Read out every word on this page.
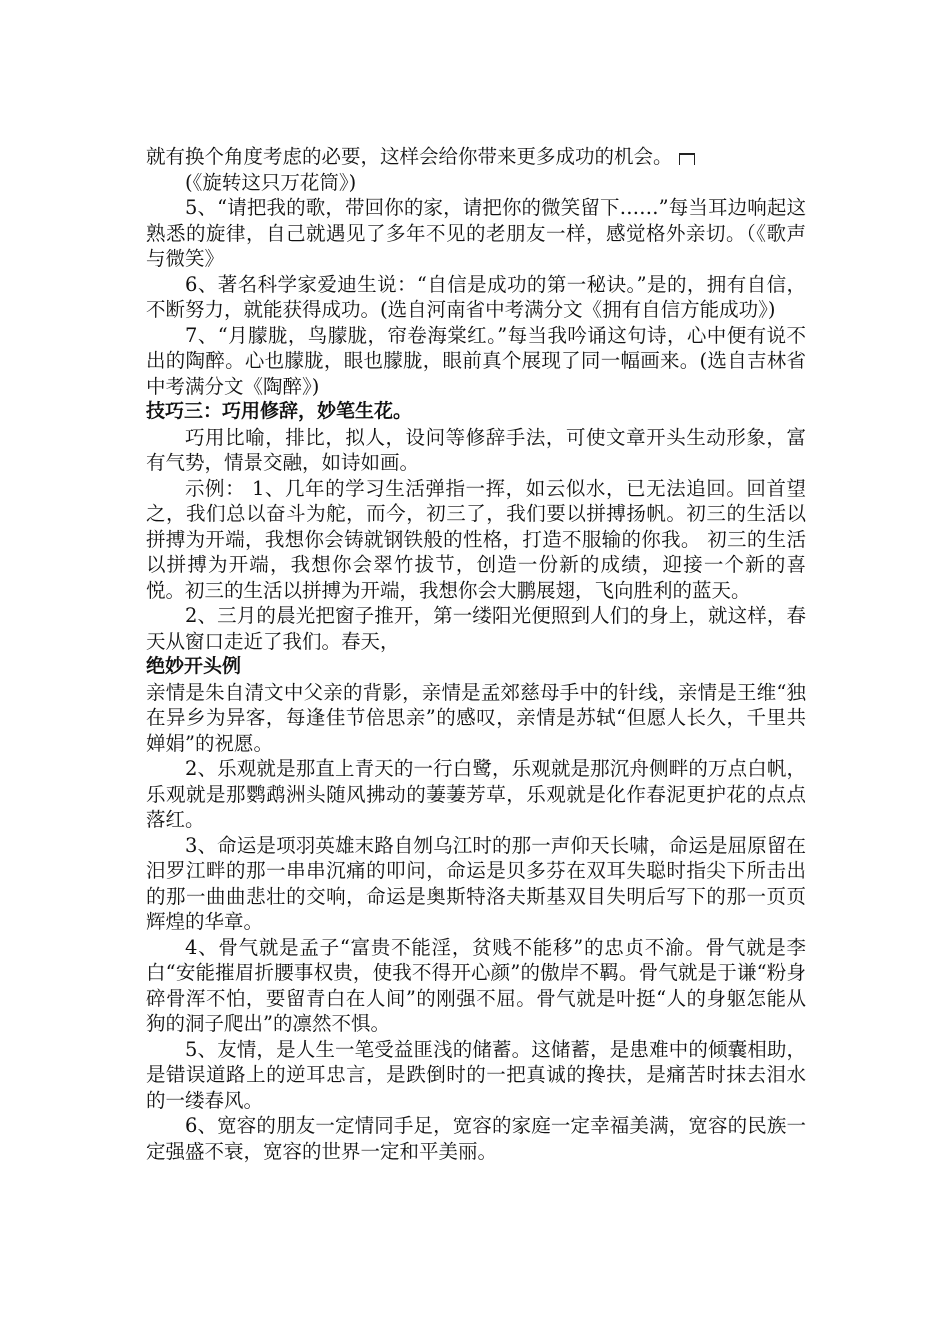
就有换个角度考虑的必要，这样会给你带来更多成功的机会。

(《旋转这只万花筒》)

5、“请把我的歌，带回你的家，请把你的微笑留下……”每当耳边响起这熟悉的旋律，自己就遇见了多年不见的老朋友一样，感觉格外亲切。（《歌声与微笑》

6、著名科学家爱迪生说：“自信是成功的第一秘诀。”是的，拥有自信，不断努力，就能获得成功。(选自河南省中考满分文《拥有自信方能成功》)

7、“月朦胧，鸟朦胧，帘卷海棠红。”每当我吟诵这句诗，心中便有说不出的陶醉。心也朦胧，眼也朦胧，眼前真个展现了同一幅画来。(选自吉林省中考满分文《陶醉》)

技巧三：巧用修辞，妙笔生花。

巧用比喻，排比，拟人，设问等修辞手法，可使文章开头生动形象，富有气势，情景交融，如诗如画。

示例： 1、几年的学习生活弹指一挥，如云似水，已无法追回。回首望之，我们总以奋斗为舵，而今，初三了，我们要以拼搏扬帆。初三的生活以拼搏为开端，我想你会铸就钢铁般的性格，打造不服输的你我。 初三的生活以拼搏为开端，我想你会翠竹拔节，创造一份新的成绩，迎接一个新的喜悦。初三的生活以拼搏为开端，我想你会大鹏展翅，飞向胜利的蓝天。

2、三月的晨光把窗子推开，第一缕阳光便照到人们的身上，就这样，春天从窗口走近了我们。春天，

绝妙开头例

亲情是朱自清文中父亲的背影，亲情是孟郊慈母手中的针线，亲情是王维“独在异乡为异客，每逢佳节倍思亲”的感叹，亲情是苏轼“但愿人长久，千里共婵娟”的祝愿。

2、乐观就是那直上青天的一行白鹭，乐观就是那沉舟侧畔的万点白帆，乐观就是那鹦鹉洲头随风拂动的萋萋芳草，乐观就是化作春泥更护花的点点落红。

3、命运是项羽英雄末路自刎乌江时的那一声仰天长啸，命运是屈原留在汨罗江畔的那一串串沉痛的叩问，命运是贝多芬在双耳失聪时指尖下所击出的那一曲曲悲壮的交响，命运是奥斯特洛夫斯基双目失明后写下的那一页页辉煌的华章。

4、骨气就是孟子“富贵不能淫，贫贱不能移”的忠贞不渝。骨气就是李白“安能摧眉折腰事权贵，使我不得开心颜”的傲岸不羁。骨气就是于谦“粉身碎骨浑不怕，要留青白在人间”的刚强不屈。骨气就是叶挺“人的身躯怎能从狗的洞子爬出”的凛然不惧。

5、友情，是人生一笔受益匪浅的储蓄。这储蓄，是患难中的倾囊相助，是错误道路上的逆耳忠言，是跌倒时的一把真诚的搀扶，是痛苦时抹去泪水的一缕春风。

6、宽容的朋友一定情同手足，宽容的家庭一定幸福美满，宽容的民族一定强盛不衰，宽容的世界一定和平美丽。
